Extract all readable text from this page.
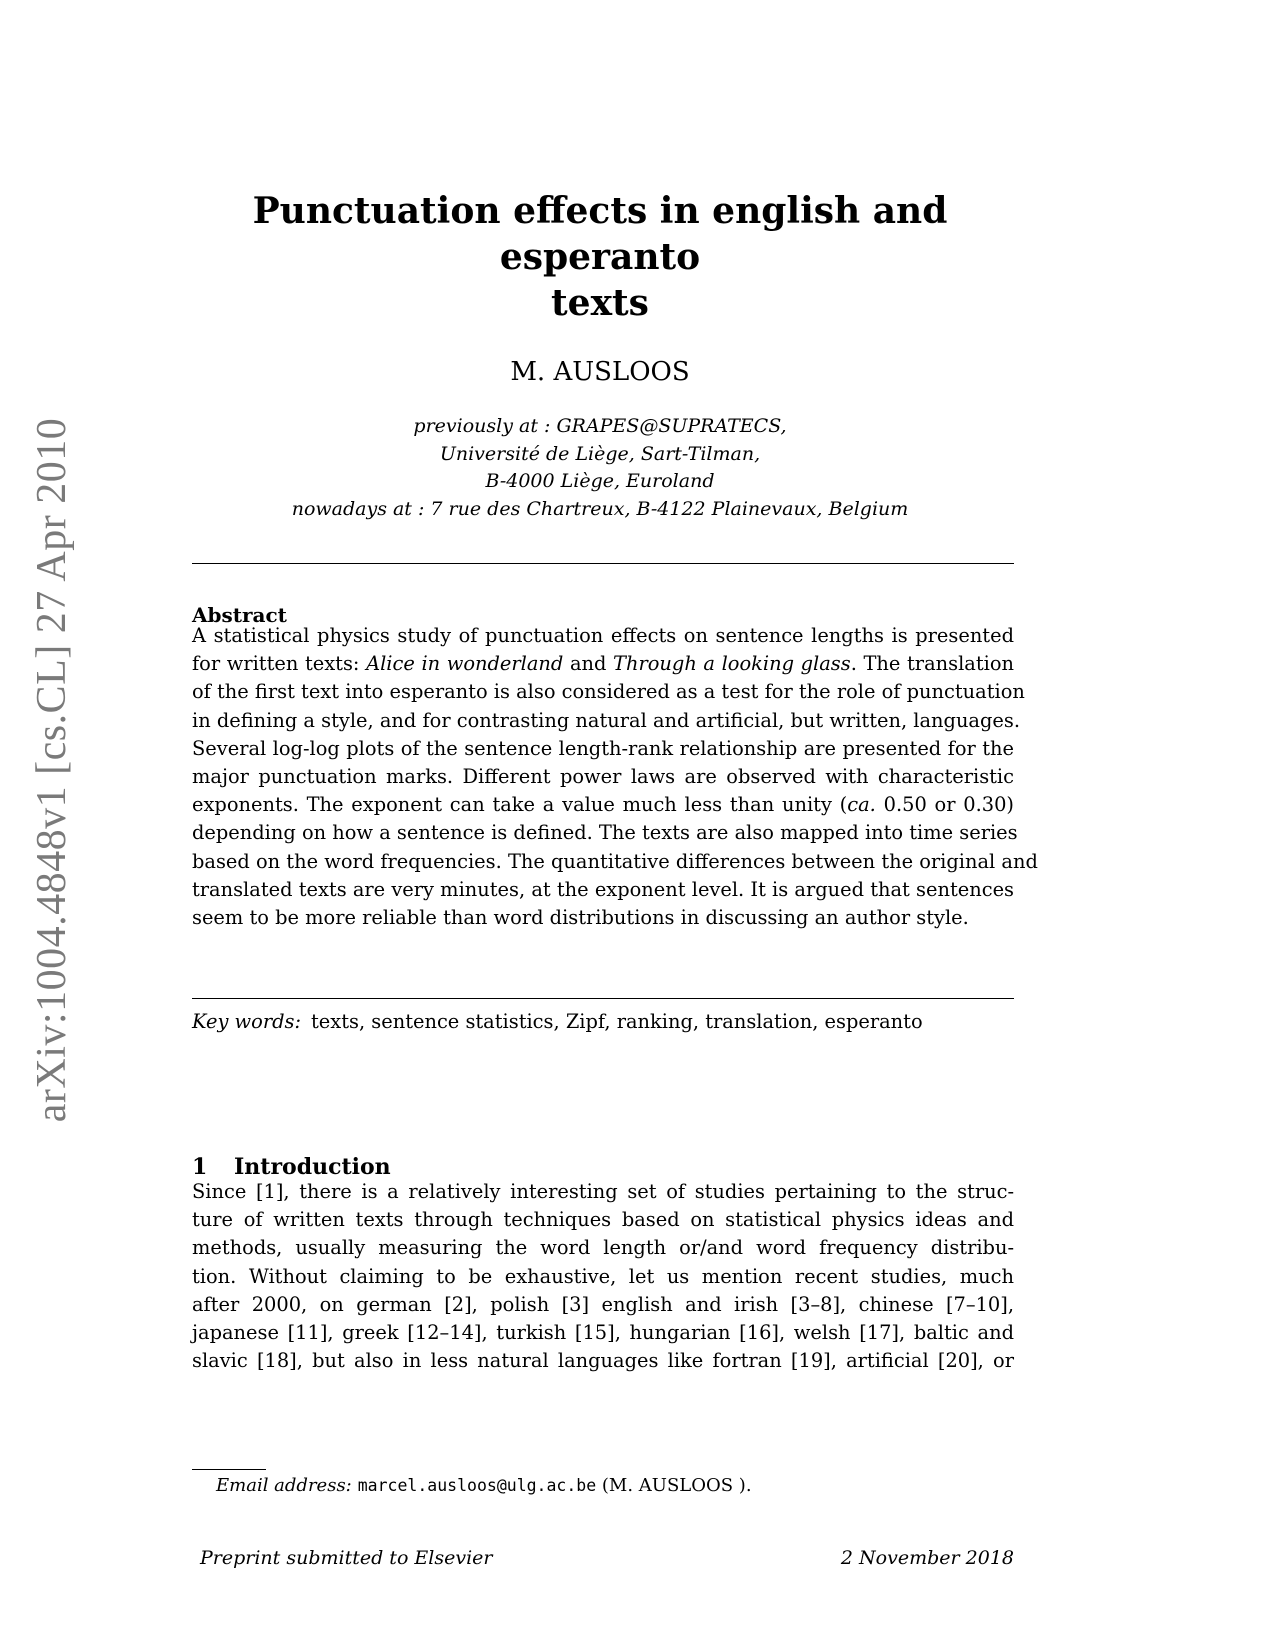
arXiv:1004.4848v1 [cs.CL] 27 Apr 2010
Punctuation effects in english and esperanto
texts
M. AUSLOOS
previously at : GRAPES@SUPRATECS,
Université de Liège, Sart-Tilman,
B-4000 Liège, Euroland
nowadays at : 7 rue des Chartreux, B-4122 Plainevaux, Belgium
Abstract
A statistical physics study of punctuation effects on sentence lengths is presented
for written texts: Alice in wonderland and Through a looking glass. The translation
of the first text into esperanto is also considered as a test for the role of punctuation
in defining a style, and for contrasting natural and artificial, but written, languages.
Several log-log plots of the sentence length-rank relationship are presented for the
major punctuation marks. Different power laws are observed with characteristic
exponents. The exponent can take a value much less than unity (ca. 0.50 or 0.30)
depending on how a sentence is defined. The texts are also mapped into time series
based on the word frequencies. The quantitative differences between the original and
translated texts are very minutes, at the exponent level. It is argued that sentences
seem to be more reliable than word distributions in discussing an author style.
Key words: texts, sentence statistics, Zipf, ranking, translation, esperanto
1 Introduction
Since [1], there is a relatively interesting set of studies pertaining to the struc-
ture of written texts through techniques based on statistical physics ideas and
methods, usually measuring the word length or/and word frequency distribu-
tion. Without claiming to be exhaustive, let us mention recent studies, much
after 2000, on german [2], polish [3] english and irish [3–8], chinese [7–10],
japanese [11], greek [12–14], turkish [15], hungarian [16], welsh [17], baltic and
slavic [18], but also in less natural languages like fortran [19], artificial [20], or
Email address: marcel.ausloos@ulg.ac.be (M. AUSLOOS ).
Preprint submitted to Elsevier	2 November 2018
